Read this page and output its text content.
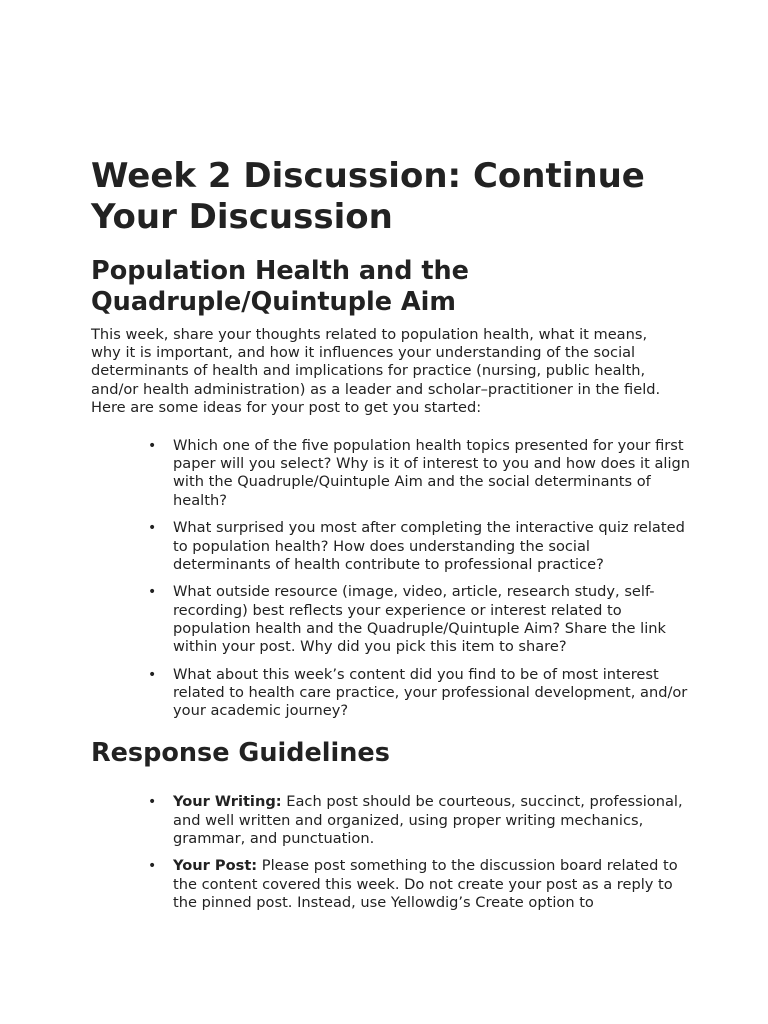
Week 2 Discussion: Continue Your Discussion
Population Health and the Quadruple/Quintuple Aim

This week, share your thoughts related to population health, what it means, why it is important, and how it influences your understanding of the social determinants of health and implications for practice (nursing, public health, and/or health administration) as a leader and scholar–practitioner in the field. Here are some ideas for your post to get you started:

• Which one of the five population health topics presented for your first paper will you select? Why is it of interest to you and how does it align with the Quadruple/Quintuple Aim and the social determinants of health?
• What surprised you most after completing the interactive quiz related to population health? How does understanding the social determinants of health contribute to professional practice?
• What outside resource (image, video, article, research study, self-recording) best reflects your experience or interest related to population health and the Quadruple/Quintuple Aim? Share the link within your post. Why did you pick this item to share?
• What about this week’s content did you find to be of most interest related to health care practice, your professional development, and/or your academic journey?
Response Guidelines
• Your Writing: Each post should be courteous, succinct, professional, and well written and organized, using proper writing mechanics, grammar, and punctuation.
• Your Post: Please post something to the discussion board related to the content covered this week. Do not create your post as a reply to the pinned post. Instead, use Yellowdig’s Create option to
